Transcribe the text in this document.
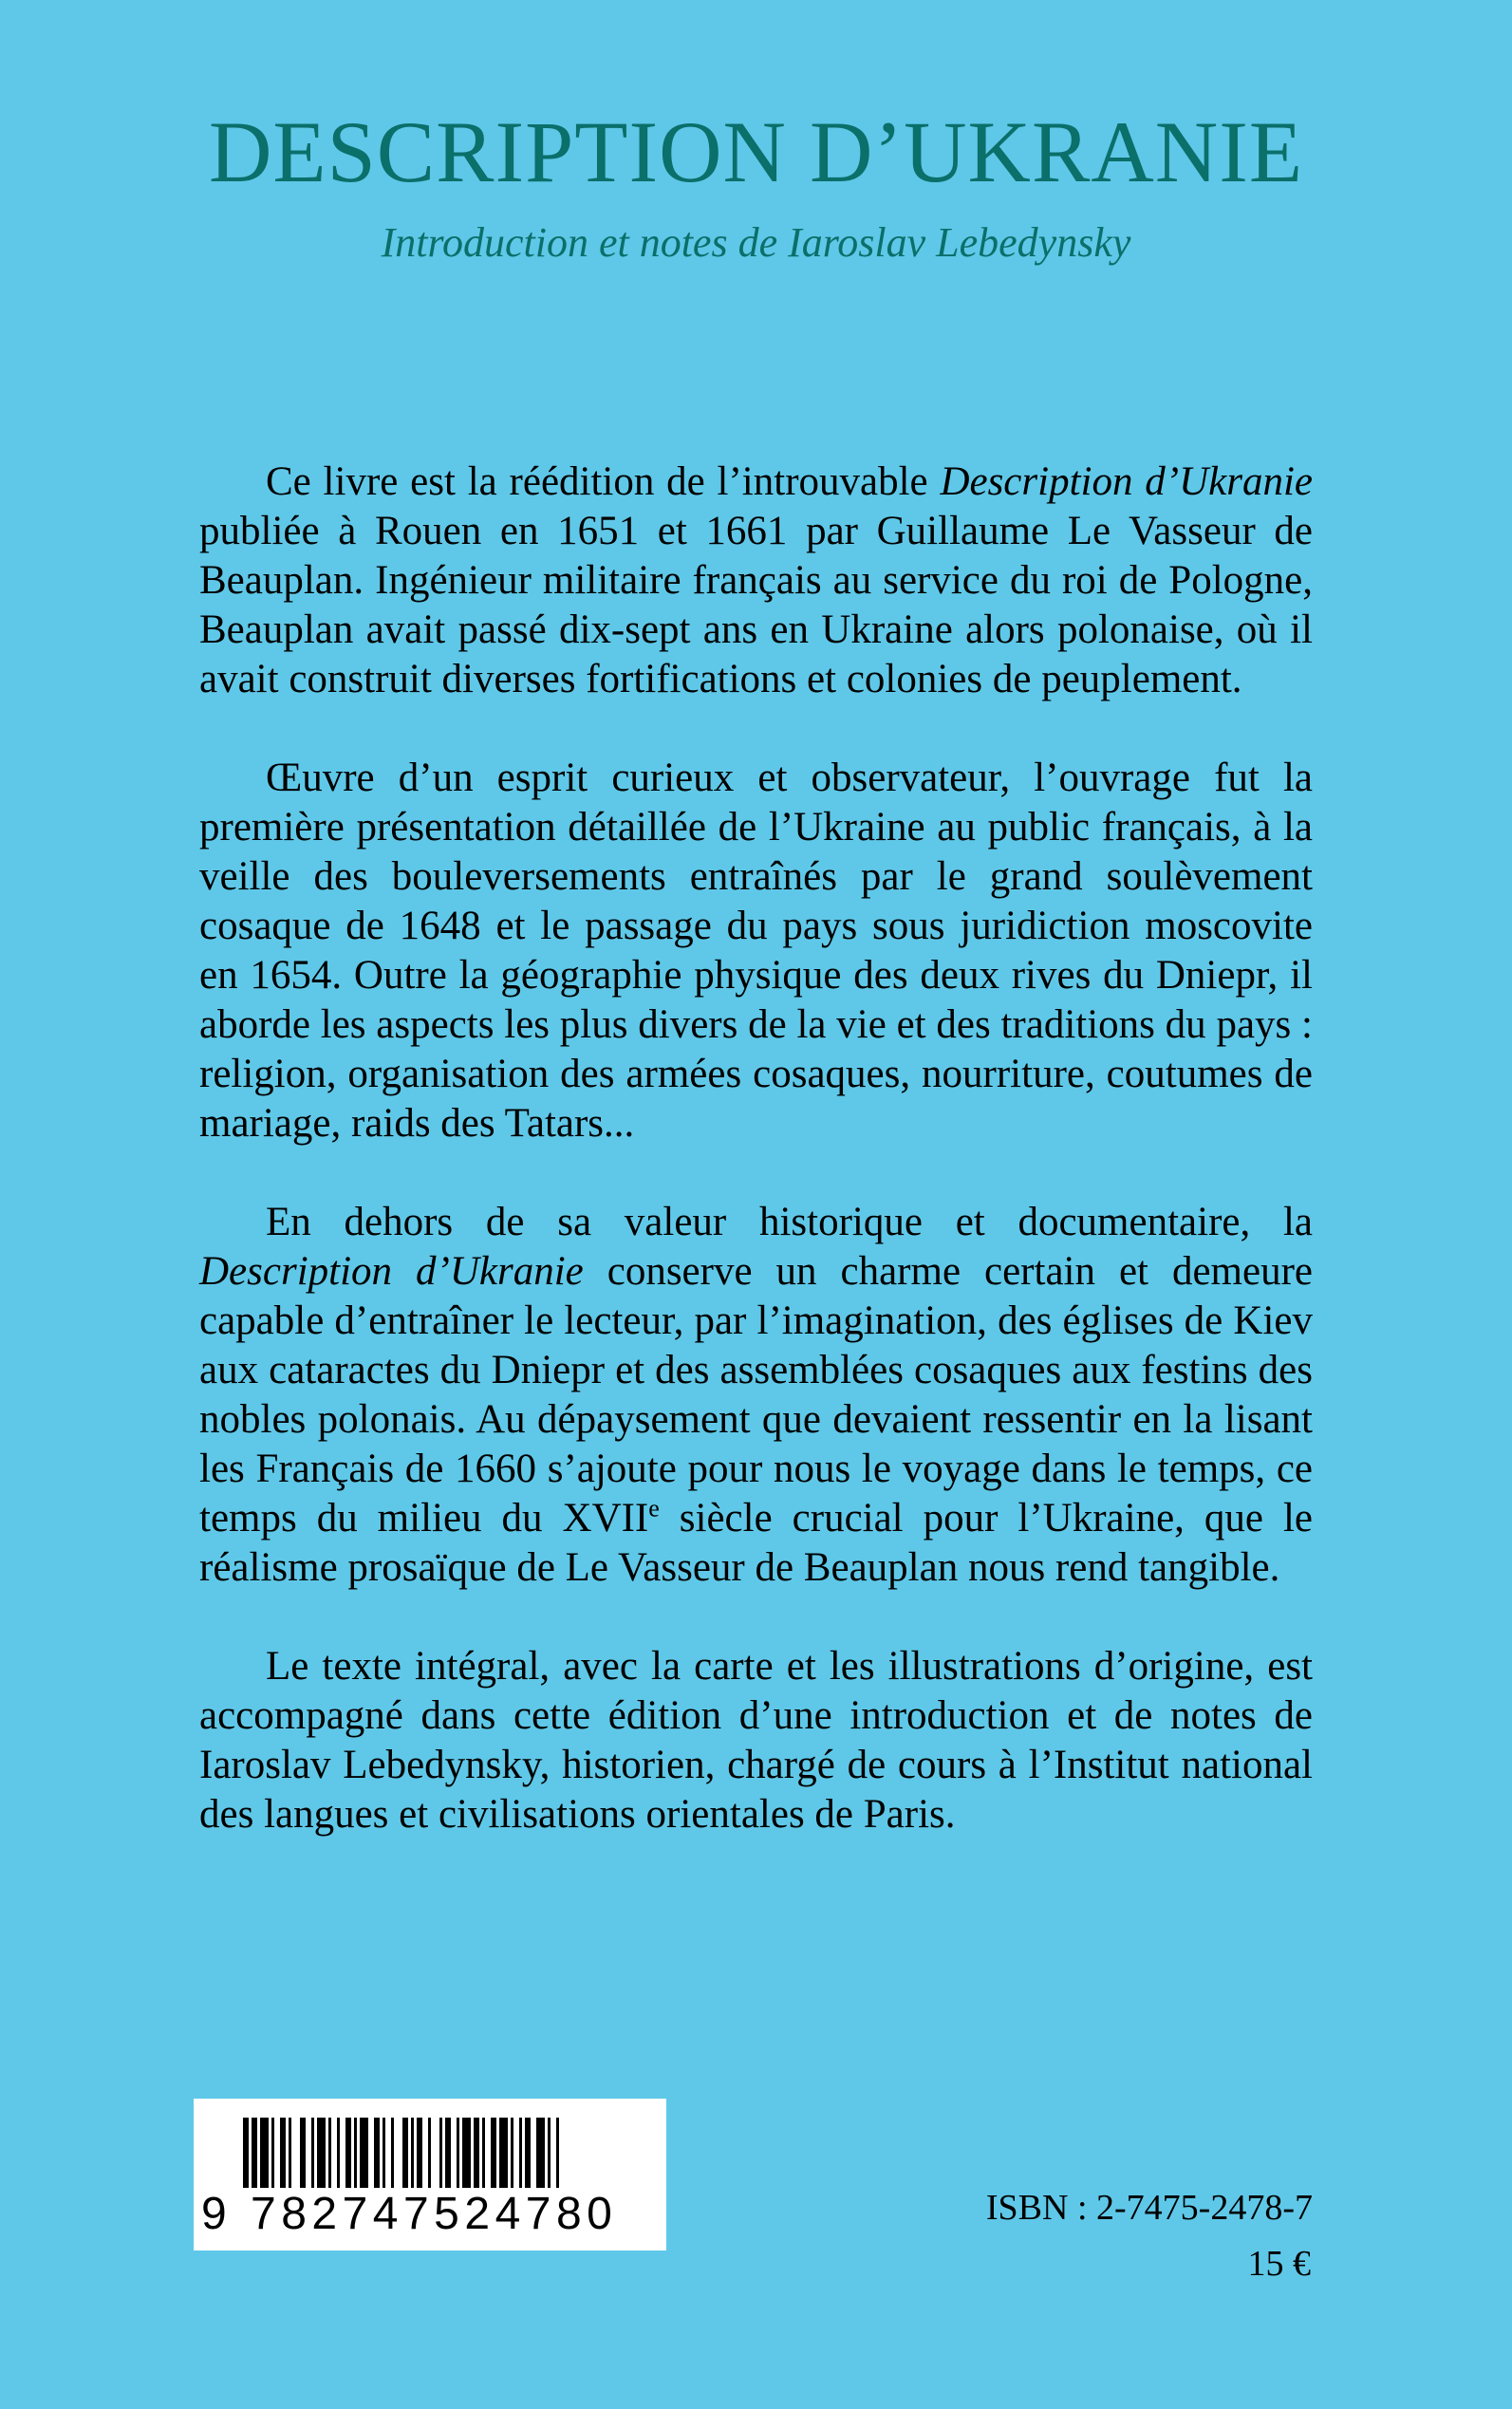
DESCRIPTION D’UKRANIE
Introduction et notes de Iaroslav Lebedynsky

Ce livre est la réédition de l’introuvable Description d’Ukranie publiée à Rouen en 1651 et 1661 par Guillaume Le Vasseur de Beauplan. Ingénieur militaire français au service du roi de Pologne, Beauplan avait passé dix-sept ans en Ukraine alors polonaise, où il avait construit diverses fortifications et colonies de peuplement.

Œuvre d’un esprit curieux et observateur, l’ouvrage fut la première présentation détaillée de l’Ukraine au public français, à la veille des bouleversements entraînés par le grand soulèvement cosaque de 1648 et le passage du pays sous juridiction moscovite en 1654. Outre la géographie physique des deux rives du Dniepr, il aborde les aspects les plus divers de la vie et des traditions du pays : religion, organisation des armées cosaques, nourriture, coutumes de mariage, raids des Tatars...

En dehors de sa valeur historique et documentaire, la Description d’Ukranie conserve un charme certain et demeure capable d’entraîner le lecteur, par l’imagination, des églises de Kiev aux cataractes du Dniepr et des assemblées cosaques aux festins des nobles polonais. Au dépaysement que devaient ressentir en la lisant les Français de 1660 s’ajoute pour nous le voyage dans le temps, ce temps du milieu du XVIIe siècle crucial pour l’Ukraine, que le réalisme prosaïque de Le Vasseur de Beauplan nous rend tangible.

Le texte intégral, avec la carte et les illustrations d’origine, est accompagné dans cette édition d’une introduction et de notes de Iaroslav Lebedynsky, historien, chargé de cours à l’Institut national des langues et civilisations orientales de Paris.

9 782747524780	ISBN : 2-7475-2478-7
15 €
